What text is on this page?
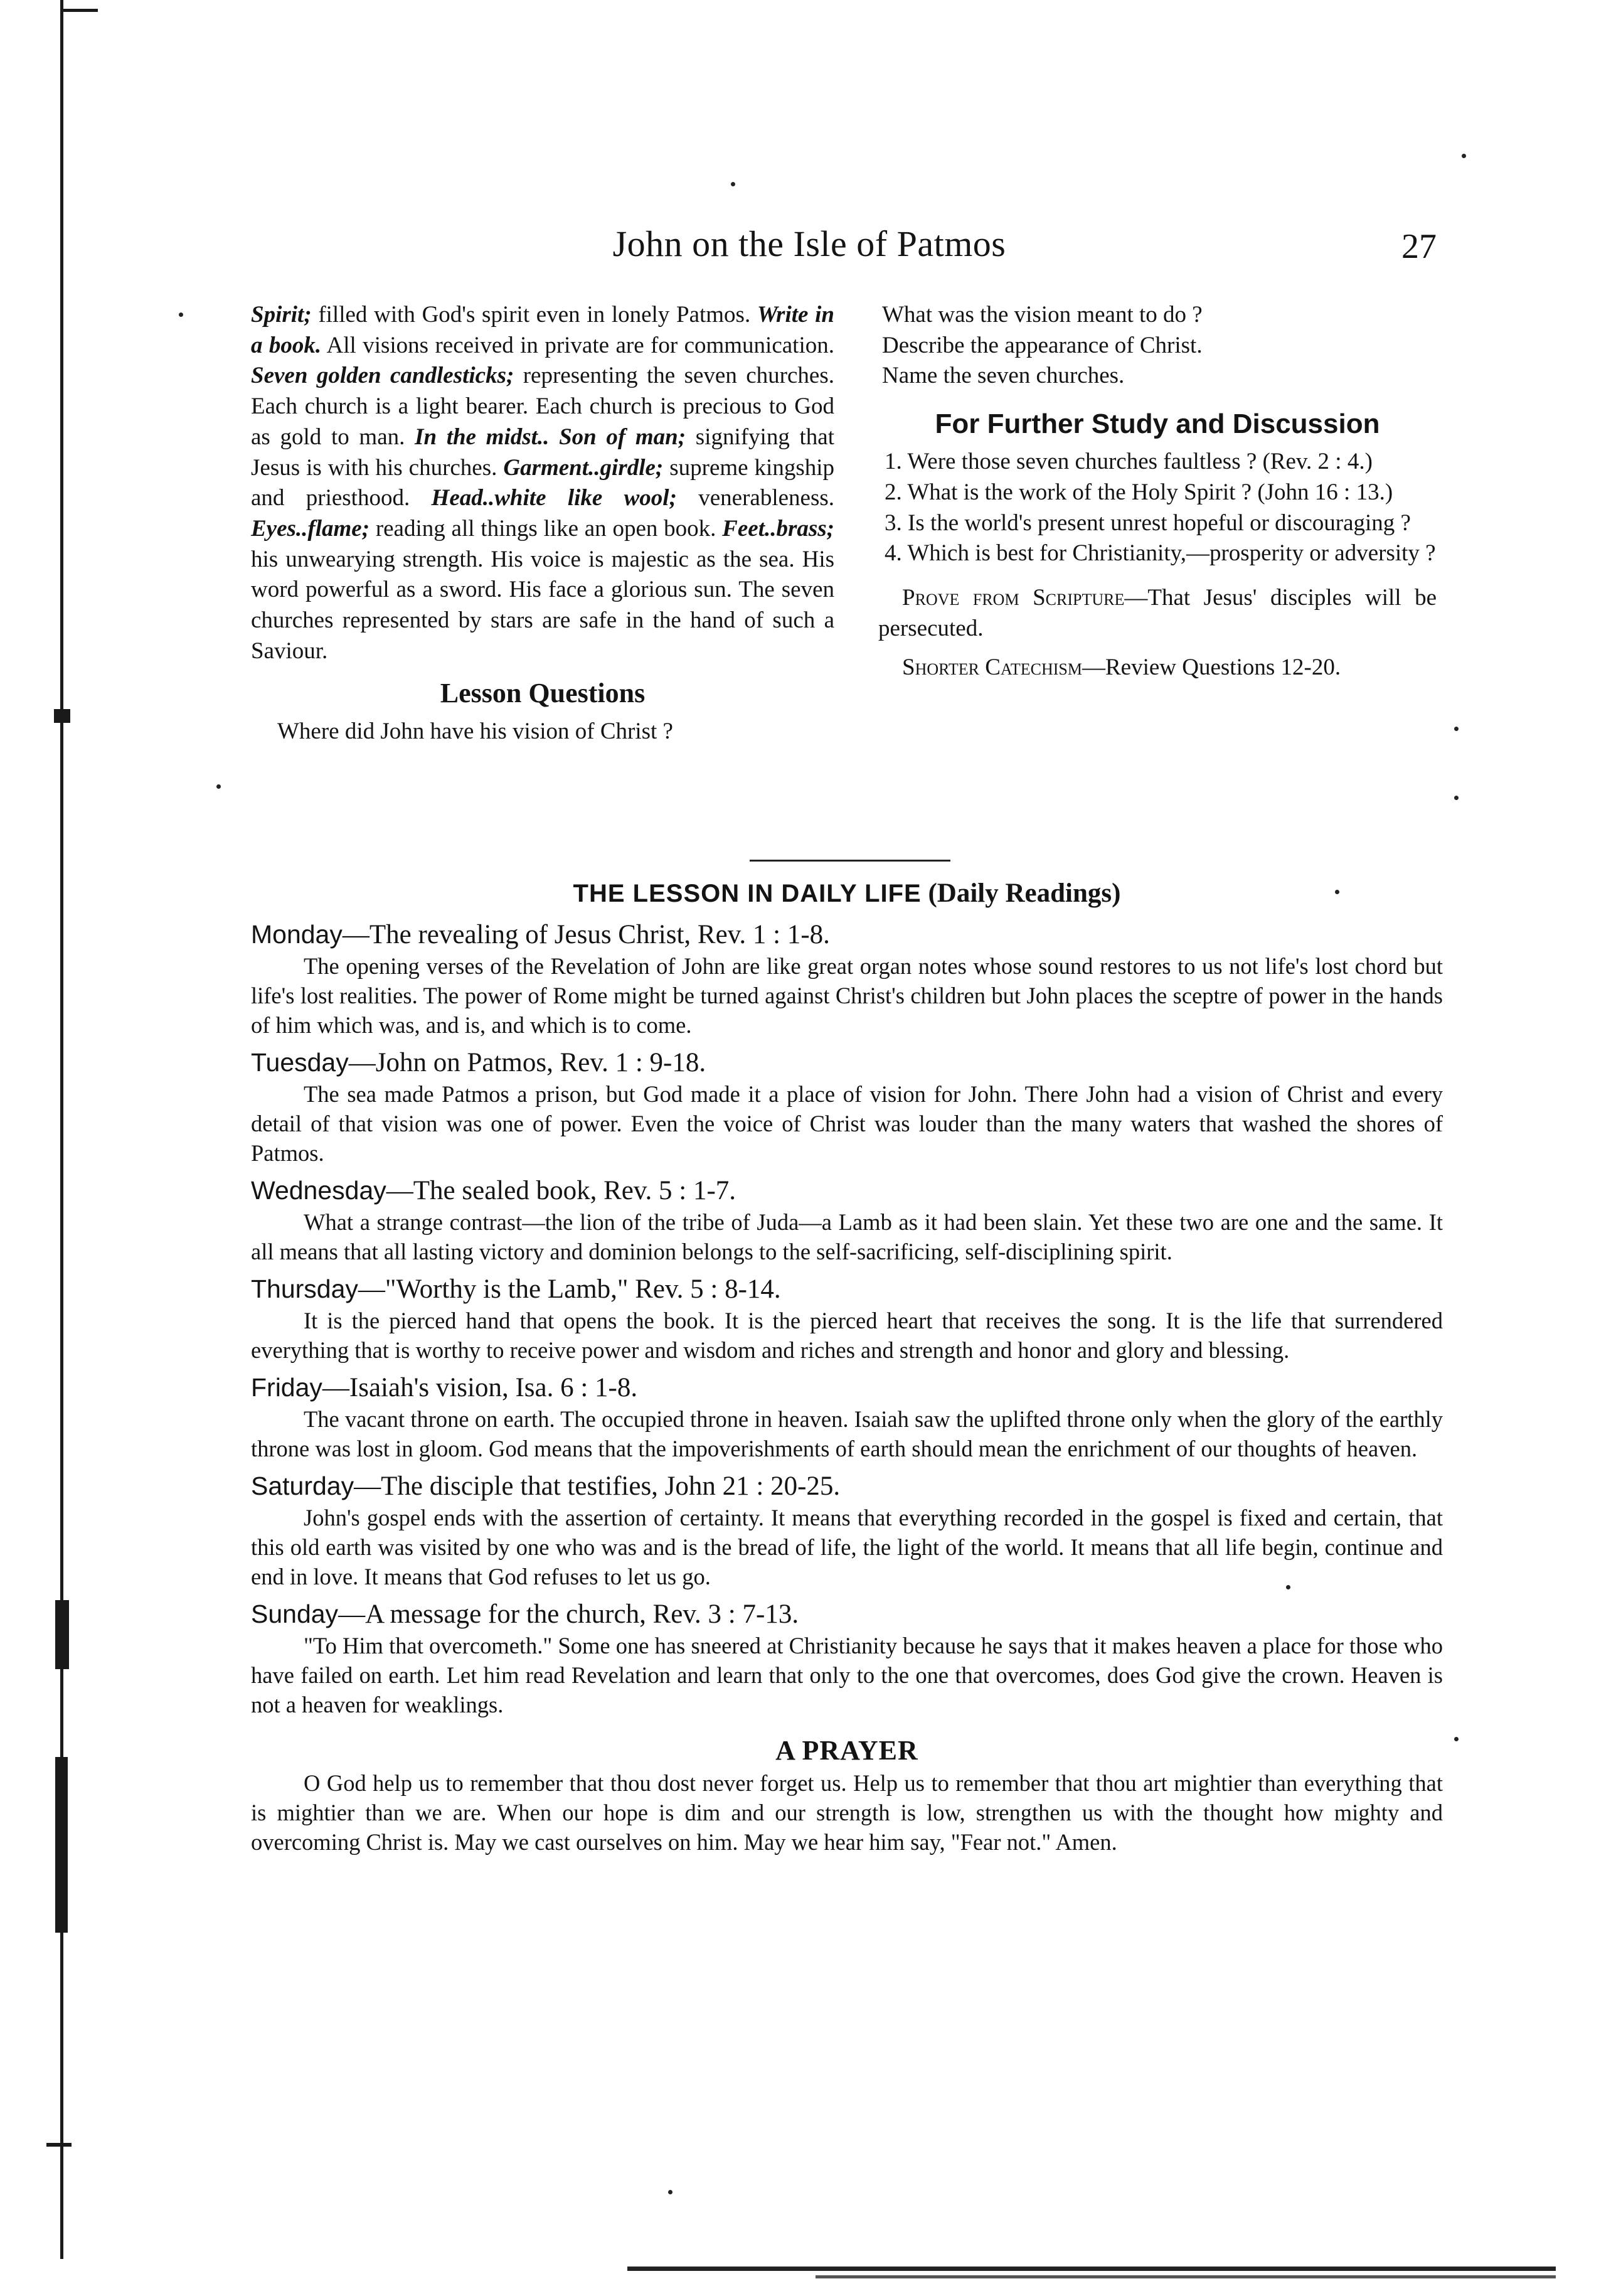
John on the Isle of Patmos	27

Spirit; filled with God's spirit even in lonely Patmos. Write in a book. All visions received in private are for communication. Seven golden candlesticks; representing the seven churches. Each church is a light bearer. Each church is precious to God as gold to man. In the midst.. Son of man; signifying that Jesus is with his churches. Garment..girdle; supreme kingship and priesthood. Head..white like wool; venerableness. Eyes..flame; reading all things like an open book. Feet..brass; his unwearying strength. His voice is majestic as the sea. His word powerful as a sword. His face a glorious sun. The seven churches represented by stars are safe in the hand of such a Saviour.

Lesson Questions

Where did John have his vision of Christ ?

What was the vision meant to do ?

Describe the appearance of Christ.

Name the seven churches.

For Further Study and Discussion

1. Were those seven churches faultless ? (Rev. 2 : 4.)

2. What is the work of the Holy Spirit ? (John 16 : 13.)

3. Is the world's present unrest hopeful or discouraging ?

4. Which is best for Christianity,—prosperity or adversity ?

Prove from Scripture—That Jesus' disciples will be persecuted.

Shorter Catechism—Review Questions 12-20.

THE LESSON IN DAILY LIFE (Daily Readings)

Monday—The revealing of Jesus Christ, Rev. 1 : 1-8.

The opening verses of the Revelation of John are like great organ notes whose sound restores to us not life's lost chord but life's lost realities. The power of Rome might be turned against Christ's children but John places the sceptre of power in the hands of him which was, and is, and which is to come.

Tuesday—John on Patmos, Rev. 1 : 9-18.

The sea made Patmos a prison, but God made it a place of vision for John. There John had a vision of Christ and every detail of that vision was one of power. Even the voice of Christ was louder than the many waters that washed the shores of Patmos.

Wednesday—The sealed book, Rev. 5 : 1-7.

What a strange contrast—the lion of the tribe of Juda—a Lamb as it had been slain. Yet these two are one and the same. It all means that all lasting victory and dominion belongs to the self-sacrificing, self-disciplining spirit.

Thursday—"Worthy is the Lamb," Rev. 5 : 8-14.

It is the pierced hand that opens the book. It is the pierced heart that receives the song. It is the life that surrendered everything that is worthy to receive power and wisdom and riches and strength and honor and glory and blessing.

Friday—Isaiah's vision, Isa. 6 : 1-8.

The vacant throne on earth. The occupied throne in heaven. Isaiah saw the uplifted throne only when the glory of the earthly throne was lost in gloom. God means that the impoverishments of earth should mean the enrichment of our thoughts of heaven.

Saturday—The disciple that testifies, John 21 : 20-25.

John's gospel ends with the assertion of certainty. It means that everything recorded in the gospel is fixed and certain, that this old earth was visited by one who was and is the bread of life, the light of the world. It means that all life begin, continue and end in love. It means that God refuses to let us go.

Sunday—A message for the church, Rev. 3 : 7-13.

"To Him that overcometh." Some one has sneered at Christianity because he says that it makes heaven a place for those who have failed on earth. Let him read Revelation and learn that only to the one that overcomes, does God give the crown. Heaven is not a heaven for weaklings.

A PRAYER

O God help us to remember that thou dost never forget us. Help us to remember that thou art mightier than everything that is mightier than we are. When our hope is dim and our strength is low, strengthen us with the thought how mighty and overcoming Christ is. May we cast ourselves on him. May we hear him say, "Fear not." Amen.
